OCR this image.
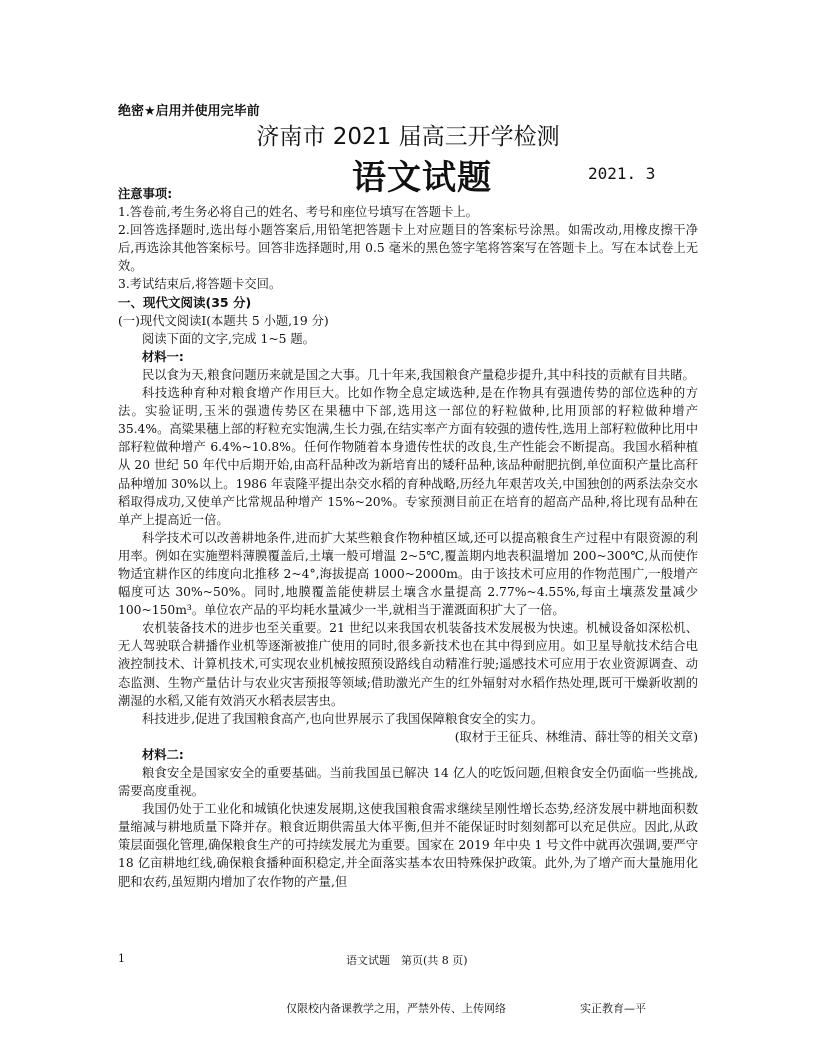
绝密★启用并使用完毕前
济南市 2021 届高三开学检测
语文试题	2021. 3

注意事项:

1.答卷前,考生务必将自己的姓名、考号和座位号填写在答题卡上。

2.回答选择题时,选出每小题答案后,用铅笔把答题卡上对应题目的答案标号涂黑。如需改动,用橡皮擦干净后,再选涂其他答案标号。回答非选择题时,用 0.5 毫米的黑色签字笔将答案写在答题卡上。写在本试卷上无效。

3.考试结束后,将答题卡交回。

一、现代文阅读(35 分)

(一)现代文阅读Ⅰ(本题共 5 小题,19 分)

阅读下面的文字,完成 1~5 题。

材料一:

民以食为天,粮食问题历来就是国之大事。几十年来,我国粮食产量稳步提升,其中科技的贡献有目共睹。

科技选种育种对粮食增产作用巨大。比如作物全息定域选种,是在作物具有强遗传势的部位选种的方法。实验证明,玉米的强遗传势区在果穗中下部,选用这一部位的籽粒做种,比用顶部的籽粒做种增产 35.4%。高粱果穗上部的籽粒充实饱满,生长力强,在结实率产方面有较强的遗传性,选用上部籽粒做种比用中部籽粒做种增产 6.4%~10.8%。任何作物随着本身遗传性状的改良,生产性能会不断提高。我国水稻种植从 20 世纪 50 年代中后期开始,由高秆品种改为新培育出的矮秆品种,该品种耐肥抗倒,单位面积产量比高秆品种增加 30%以上。1986 年袁隆平提出杂交水稻的育种战略,历经九年艰苦攻关,中国独创的两系法杂交水稻取得成功,又使单产比常规品种增产 15%~20%。专家预测目前正在培育的超高产品种,将比现有品种在单产上提高近一倍。

科学技术可以改善耕地条件,进而扩大某些粮食作物种植区域,还可以提高粮食生产过程中有限资源的利用率。例如在实施塑料薄膜覆盖后,土壤一般可增温 2~5℃,覆盖期内地表积温增加 200~300℃,从而使作物适宜耕作区的纬度向北推移 2~4°,海拔提高 1000~2000m。由于该技术可应用的作物范围广,一般增产幅度可达 30%~50%。同时,地膜覆盖能使耕层土壤含水量提高 2.77%~4.55%,每亩土壤蒸发量减少 100~150m³。单位农产品的平均耗水量减少一半,就相当于灌溉面积扩大了一倍。

农机装备技术的进步也至关重要。21 世纪以来我国农机装备技术发展极为快速。机械设备如深松机、无人驾驶联合耕播作业机等逐渐被推广使用的同时,很多新技术也在其中得到应用。如卫星导航技术结合电液控制技术、计算机技术,可实现农业机械按照预设路线自动精准行驶;遥感技术可应用于农业资源调查、动态监测、生物产量估计与农业灾害预报等领域;借助激光产生的红外辐射对水稻作热处理,既可干燥新收割的潮湿的水稻,又能有效消灭水稻表层害虫。

科技进步,促进了我国粮食高产,也向世界展示了我国保障粮食安全的实力。

(取材于王征兵、林维清、薛壮等的相关文章)

材料二:

粮食安全是国家安全的重要基础。当前我国虽已解决 14 亿人的吃饭问题,但粮食安全仍面临一些挑战,需要高度重视。

我国仍处于工业化和城镇化快速发展期,这使我国粮食需求继续呈刚性增长态势,经济发展中耕地面积数量缩减与耕地质量下降并存。粮食近期供需虽大体平衡,但并不能保证时时刻刻都可以充足供应。因此,从政策层面强化管理,确保粮食生产的可持续发展尤为重要。国家在 2019 年中央 1 号文件中就再次强调,要严守 18 亿亩耕地红线,确保粮食播种面积稳定,并全面落实基本农田特殊保护政策。此外,为了增产而大量施用化肥和农药,虽短期内增加了农作物的产量,但

1	语文试题　第页(共 8 页)
仅限校内备课教学之用，严禁外传、上传网络	实正教育—平
